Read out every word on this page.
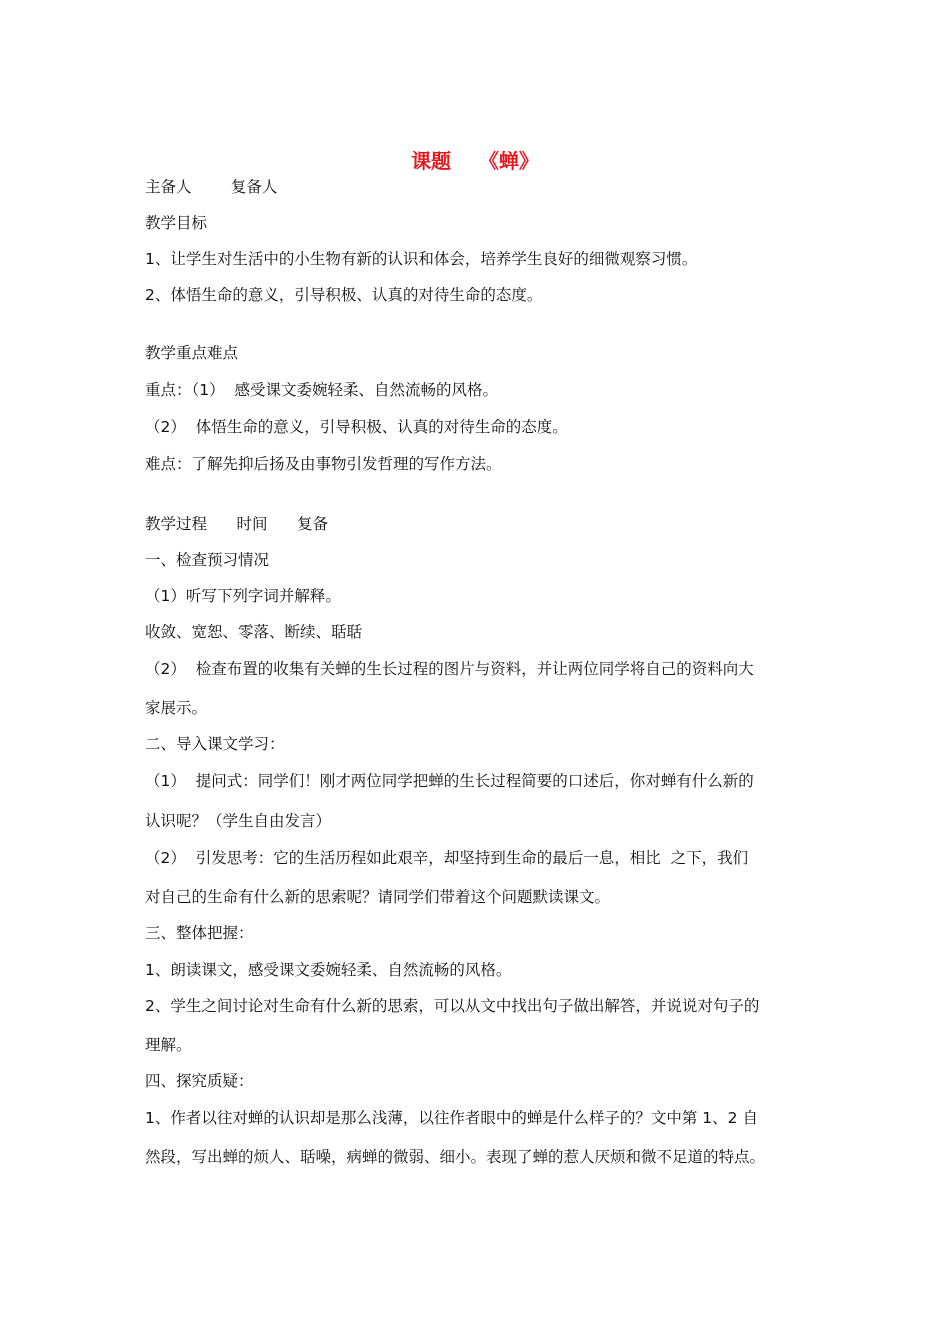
课题    《蝉》
主备人        复备人
教学目标
1、让学生对生活中的小生物有新的认识和体会，培养学生良好的细微观察习惯。
2、体悟生命的意义，引导积极、认真的对待生命的态度。
教学重点难点
重点：（1）  感受课文委婉轻柔、自然流畅的风格。
（2）  体悟生命的意义，引导积极、认真的对待生命的态度。
难点：了解先抑后扬及由事物引发哲理的写作方法。
教学过程      时间      复备
一、检查预习情况
（1）听写下列字词并解释。
收敛、宽恕、零落、断续、聒聒
（2）  检查布置的收集有关蝉的生长过程的图片与资料，并让两位同学将自己的资料向大
家展示。
二、导入课文学习：
（1）  提问式：同学们！刚才两位同学把蝉的生长过程简要的口述后，你对蝉有什么新的
认识呢？（学生自由发言）
（2）  引发思考：它的生活历程如此艰辛，却坚持到生命的最后一息，相比  之下，我们
对自己的生命有什么新的思索呢？请同学们带着这个问题默读课文。
三、整体把握：
1、朗读课文，感受课文委婉轻柔、自然流畅的风格。
2、学生之间讨论对生命有什么新的思索，可以从文中找出句子做出解答，并说说对句子的
理解。
四、探究质疑：
1、作者以往对蝉的认识却是那么浅薄，以往作者眼中的蝉是什么样子的？文中第 1、2 自
然段，写出蝉的烦人、聒噪，病蝉的微弱、细小。表现了蝉的惹人厌烦和微不足道的特点。
